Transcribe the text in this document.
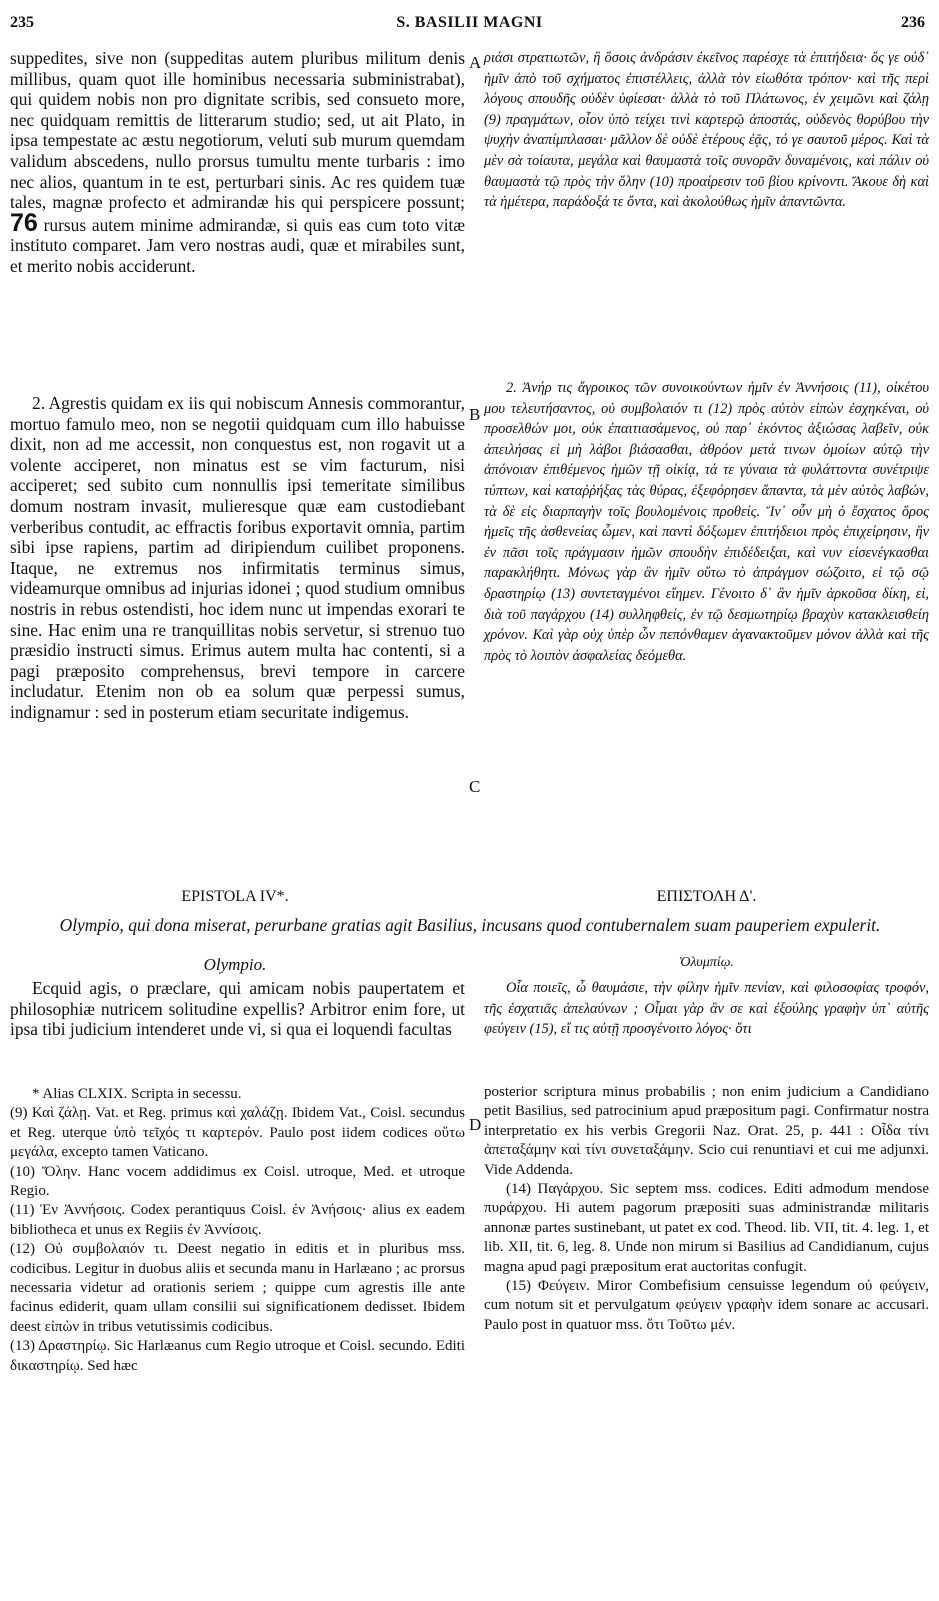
235	S. BASILII MAGNI	236
A
B
C
D

suppedites, sive non (suppeditas autem pluribus militum denis millibus, quam quot ille hominibus necessaria subministrabat), qui quidem nobis non pro dignitate scribis, sed consueto more, nec quidquam remittis de litterarum studio; sed, ut ait Plato, in ipsa tempestate ac æstu negotiorum, veluti sub murum quemdam validum abscedens, nullo prorsus tumultu mente turbaris : imo nec alios, quantum in te est, perturbari sinis. Ac res quidem tuæ tales, magnæ profecto et admirandæ his qui perspicere possunt; 76 rursus autem minime admirandæ, si quis eas cum toto vitæ instituto comparet. Jam vero nostras audi, quæ et mirabiles sunt, et merito nobis acciderunt.

2. Agrestis quidam ex iis qui nobiscum Annesis commorantur, mortuo famulo meo, non se negotii quidquam cum illo habuisse dixit, non ad me accessit, non conquestus est, non rogavit ut a volente acciperet, non minatus est se vim facturum, nisi acciperet; sed subito cum nonnullis ipsi temeritate similibus domum nostram invasit, mulieresque quæ eam custodiebant verberibus contudit, ac effractis foribus exportavit omnia, partim sibi ipse rapiens, partim ad diripiendum cuilibet proponens. Itaque, ne extremus nos infirmitatis terminus simus, videamurque omnibus ad injurias idonei ; quod studium omnibus nostris in rebus ostendisti, hoc idem nunc ut impendas exorari te sine. Hac enim una re tranquillitas nobis servetur, si strenuo tuo præsidio instructi simus. Erimus autem multa hac contenti, si a pagi præposito comprehensus, brevi tempore in carcere includatur. Etenim non ob ea solum quæ perpessi sumus, indignamur : sed in posterum etiam securitate indigemus.

ριάσι στρατιωτῶν, ἢ ὅσοις ἀνδράσιν ἐκεῖνος παρέσχε τὰ ἐπιτήδεια· ὅς γε οὐδ᾿ ἡμῖν ἀπὸ τοῦ σχήματος ἐπιστέλλεις, ἀλλὰ τὸν εἰωθότα τρόπον· καὶ τῆς περὶ λόγους σπουδῆς οὐδὲν ὑφίεσαι· ἀλλὰ τὸ τοῦ Πλάτωνος, ἐν χειμῶνι καὶ ζάλῃ (9) πραγμάτων, οἷον ὑπὸ τείχει τινὶ καρτερῷ ἀποστάς, οὐδενὸς θορύβου τὴν ψυχὴν ἀναπίμπλασαι· μᾶλλον δὲ οὐδὲ ἑτέρους ἐᾷς, τό γε σαυτοῦ μέρος. Καὶ τὰ μὲν σὰ τοίαυτα, μεγάλα καὶ θαυμαστὰ τοῖς συνορᾶν δυναμένοις, καὶ πάλιν οὐ θαυμαστὰ τῷ πρὸς τὴν ὅλην (10) προαίρεσιν τοῦ βίου κρίνοντι. Ἄκουε δὴ καὶ τὰ ἡμέτερα, παράδοξά τε ὄντα, καὶ ἀκολούθως ἡμῖν ἀπαντῶντα.

2. Ἀνήρ τις ἄγροικος τῶν συνοικούντων ἡμῖν ἐν Ἀννήσοις (11), οἰκέτου μου τελευτήσαντος, οὐ συμβολαιόν τι (12) πρὸς αὐτὸν εἰπὼν ἐσχηκέναι, οὐ προσελθών μοι, οὐκ ἐπαιτιασάμενος, οὐ παρ᾿ ἑκόντος ἀξιώσας λαβεῖν, οὐκ ἀπειλήσας εἰ μὴ λάβοι βιάσασθαι, ἀθρόον μετά τινων ὁμοίων αὐτῷ τὴν ἀπόνοιαν ἐπιθέμενος ἡμῶν τῇ οἰκίᾳ, τά τε γύναια τὰ φυλάττοντα συνέτριψε τύπτων, καὶ καταῤῥήξας τὰς θύρας, ἐξεφόρησεν ἅπαντα, τὰ μὲν αὐτὸς λαβών, τὰ δὲ εἰς διαρπαγὴν τοῖς βουλομένοις προθείς. Ἵν᾿ οὖν μὴ ὁ ἔσχατος ὅρος ἡμεῖς τῆς ἀσθενείας ὦμεν, καὶ παντὶ δόξωμεν ἐπιτήδειοι πρὸς ἐπιχείρησιν, ἣν ἐν πᾶσι τοῖς πράγμασιν ἡμῶν σπουδὴν ἐπιδέδειξαι, καὶ νυν εἰσενέγκασθαι παρακλήθητι. Μόνως γὰρ ἂν ἡμῖν οὕτω τὸ ἀπράγμον σώζοιτο, εἰ τῷ σῷ δραστηρίῳ (13) συντεταγμένοι εἴημεν. Γένοιτο δ᾿ ἂν ἡμῖν ἀρκοῦσα δίκη, εἰ, διὰ τοῦ παγάρχου (14) συλληφθείς, ἐν τῷ δεσμωτηρίῳ βραχὺν κατακλεισθείη χρόνον. Καὶ γὰρ οὐχ ὑπὲρ ὧν πεπόνθαμεν ἀγανακτοῦμεν μόνον ἀλλὰ καὶ τῆς πρὸς τὸ λοιπὸν ἀσφαλείας δεόμεθα.

EPISTOLA IV*.	ΕΠΙΣΤΟΛΗ Δ'.
Olympio, qui dona miserat, perurbane gratias agit Basilius, incusans quod contubernalem suam pauperiem expulerit.
Olympio.	Ὀλυμπίῳ.

Ecquid agis, o præclare, qui amicam nobis paupertatem et philosophiæ nutricem solitudine expellis? Arbitror enim fore, ut ipsa tibi judicium intenderet unde vi, si qua ei loquendi facultas

Οἷα ποιεῖς, ὦ θαυμάσιε, τὴν φίλην ἡμῖν πενίαν, καὶ φιλοσοφίας τροφόν, τῆς ἐσχατιᾶς ἀπελαύνων ; Οἶμαι γὰρ ἂν σε καὶ ἐξούλης γραφὴν ὑπ᾿ αὐτῆς φεύγειν (15), εἴ τις αὐτῇ προσγένοιτο λόγος· ὅτι

* Alias CLXIX. Scripta in secessu.

(9) Καὶ ζάλῃ. Vat. et Reg. primus καὶ χαλάζῃ. Ibidem Vat., Coisl. secundus et Reg. uterque ὑπὸ τεῖχός τι καρτερόν. Paulo post iidem codices οὕτω μεγάλα, excepto tamen Vaticano.

(10) Ὅλην. Hanc vocem addidimus ex Coisl. utroque, Med. et utroque Regio.

(11) Ἐν Ἀννήσοις. Codex perantiquus Coisl. ἐν Ἀνήσοις· alius ex eadem bibliotheca et unus ex Regiis ἐν Ἀννίσοις.

(12) Οὐ συμβολαιόν τι. Deest negatio in editis et in pluribus mss. codicibus. Legitur in duobus aliis et secunda manu in Harlæano ; ac prorsus necessaria videtur ad orationis seriem ; quippe cum agrestis ille ante facinus ediderit, quam ullam consilii sui significationem dedisset. Ibidem deest εἰπὼν in tribus vetutissimis codicibus.

(13) Δραστηρίῳ. Sic Harlæanus cum Regio utroque et Coisl. secundo. Editi δικαστηρίῳ. Sed hæc

posterior scriptura minus probabilis ; non enim judicium a Candidiano petit Basilius, sed patrocinium apud præpositum pagi. Confirmatur nostra interpretatio ex his verbis Gregorii Naz. Orat. 25, p. 441 : Οἶδα τίνι ἀπεταξάμην καὶ τίνι συνεταξάμην. Scio cui renuntiavi et cui me adjunxi. Vide Addenda.

(14) Παγάρχου. Sic septem mss. codices. Editi admodum mendose πυράρχου. Hi autem pagorum præpositi suas administrandæ militaris annonæ partes sustinebant, ut patet ex cod. Theod. lib. VII, tit. 4. leg. 1, et lib. XII, tit. 6, leg. 8. Unde non mirum si Basilius ad Candidianum, cujus magna apud pagi præpositum erat auctoritas confugit.

(15) Φεύγειν. Miror Combefisium censuisse legendum οὐ φεύγειν, cum notum sit et pervulgatum φεύγειν γραφὴν idem sonare ac accusari. Paulo post in quatuor mss. ὅτι Τοῦτω μέν.
